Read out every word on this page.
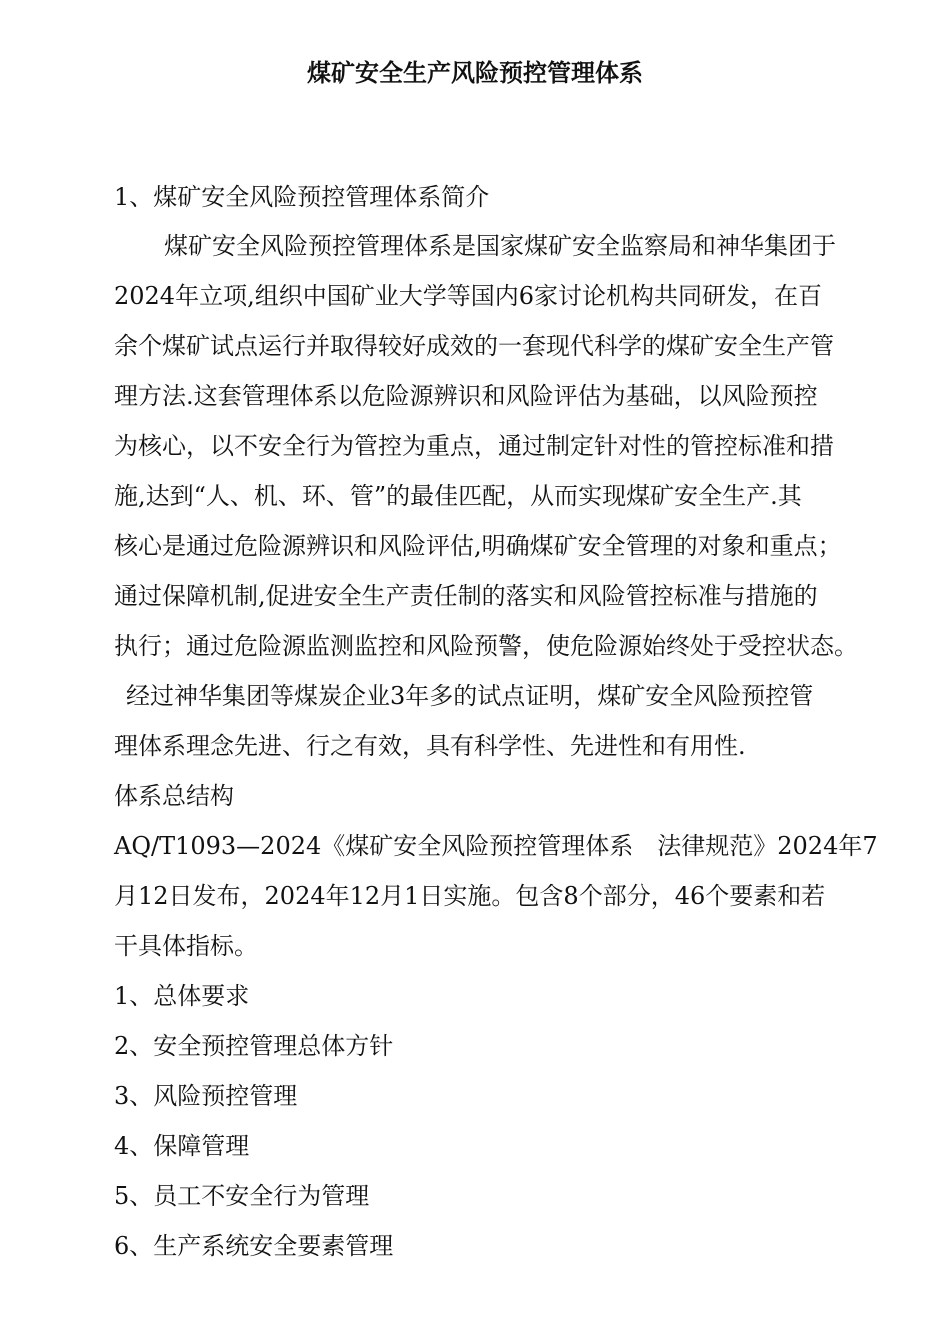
煤矿安全生产风险预控管理体系
1、煤矿安全风险预控管理体系简介
煤矿安全风险预控管理体系是国家煤矿安全监察局和神华集团于
2024年立项,组织中国矿业大学等国内6家讨论机构共同研发，在百
余个煤矿试点运行并取得较好成效的一套现代科学的煤矿安全生产管
理方法.这套管理体系以危险源辨识和风险评估为基础，以风险预控
为核心，以不安全行为管控为重点，通过制定针对性的管控标准和措
施,达到“人、机、环、管”的最佳匹配，从而实现煤矿安全生产.其
核心是通过危险源辨识和风险评估,明确煤矿安全管理的对象和重点；
通过保障机制,促进安全生产责任制的落实和风险管控标准与措施的
执行；通过危险源监测监控和风险预警，使危险源始终处于受控状态。
经过神华集团等煤炭企业3年多的试点证明，煤矿安全风险预控管
理体系理念先进、行之有效，具有科学性、先进性和有用性.
体系总结构
AQ/T1093—2024《煤矿安全风险预控管理体系　法律规范》2024年7
月12日发布，2024年12月1日实施。包含8个部分，46个要素和若
干具体指标。
1、总体要求
2、安全预控管理总体方针
3、风险预控管理
4、保障管理
5、员工不安全行为管理
6、生产系统安全要素管理
